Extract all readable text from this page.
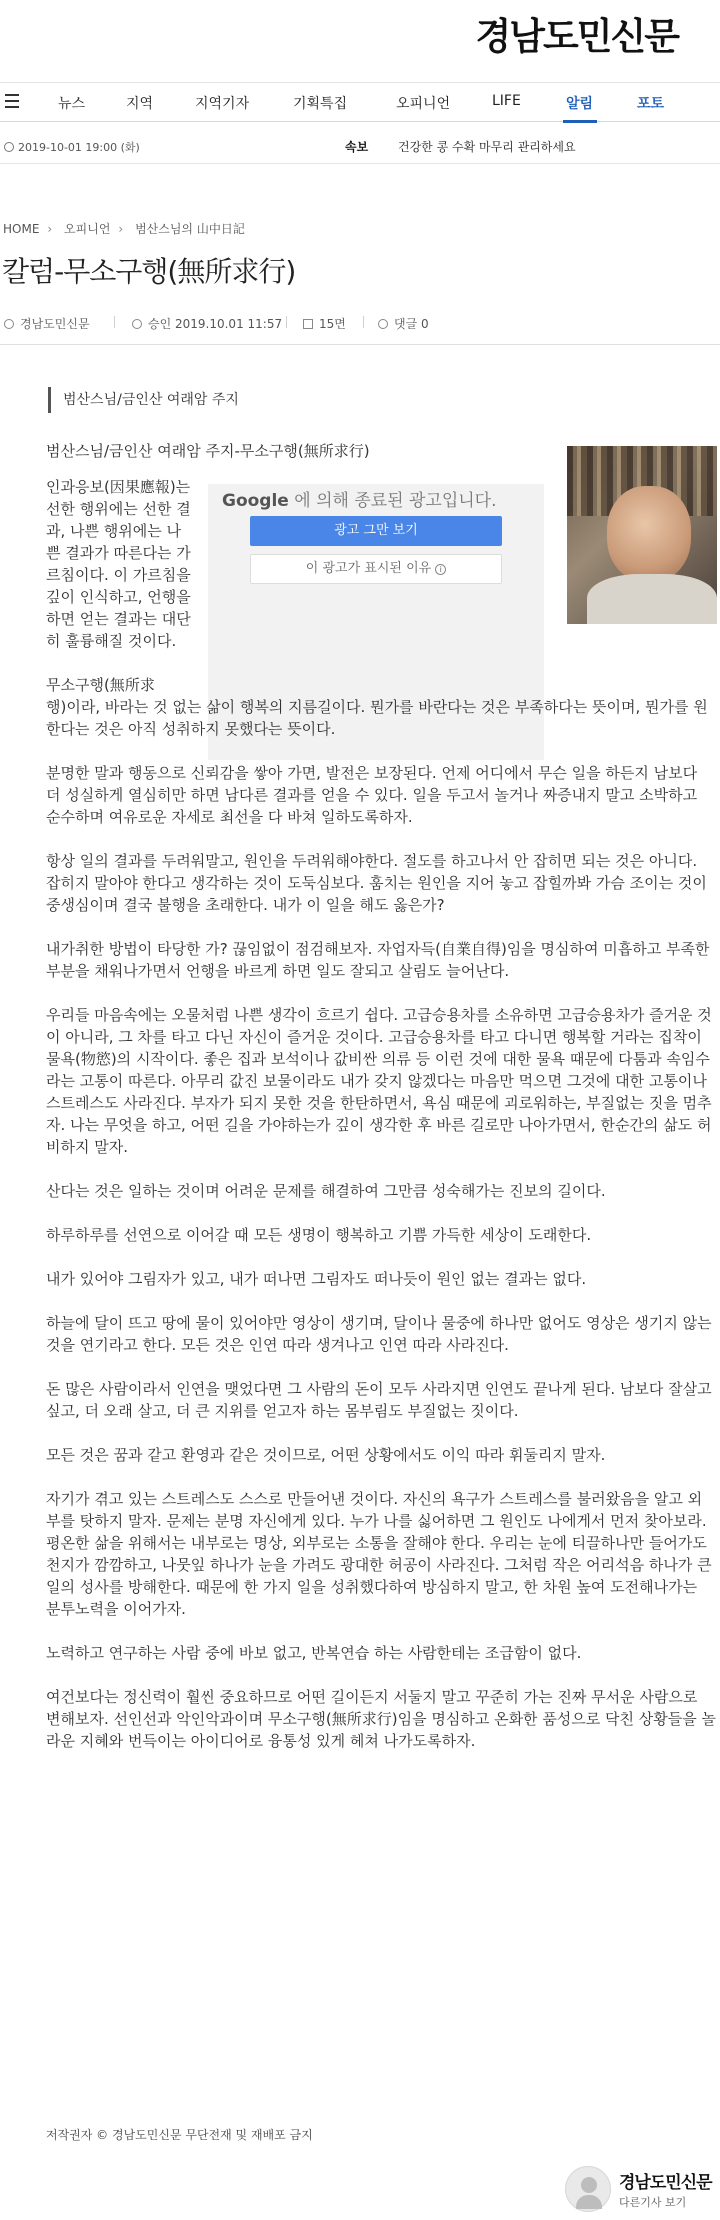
경남도민신문
뉴스	지역	지역기자	기획특집	오피니언	LIFE	알림	포토
2019-10-01 19:00 (화)	속보 건강한 콩 수확 마무리 관리하세요
HOME › 오피니언 › 범산스님의 山中日記
칼럼-무소구행(無所求行)
경남도민신문	승인 2019.10.01 11:57	15면	댓글 0
범산스님/금인산 여래암 주지
Google 에 의해 종료된 광고입니다.
광고 그만 보기
이 광고가 표시된 이유 i

범산스님/금인산 여래암 주지-무소구행(無所求行)

인과응보(因果應報)는 선한 행위에는 선한 결과, 나쁜 행위에는 나쁜 결과가 따른다는 가르침이다. 이 가르침을 깊이 인식하고, 언행을 하면 얻는 결과는 대단히 훌륭해질 것이다.

무소구행(無所求

행)이라, 바라는 것 없는 삶이 행복의 지름길이다. 뭔가를 바란다는 것은 부족하다는 뜻이며, 뭔가를 원한다는 것은 아직 성취하지 못했다는 뜻이다.

분명한 말과 행동으로 신뢰감을 쌓아 가면, 발전은 보장된다. 언제 어디에서 무슨 일을 하든지 남보다 더 성실하게 열심히만 하면 남다른 결과를 얻을 수 있다. 일을 두고서 놀거나 짜증내지 말고 소박하고 순수하며 여유로운 자세로 최선을 다 바쳐 일하도록하자.

항상 일의 결과를 두려워말고, 원인을 두려워해야한다. 절도를 하고나서 안 잡히면 되는 것은 아니다. 잡히지 말아야 한다고 생각하는 것이 도둑심보다. 훔치는 원인을 지어 놓고 잡힐까봐 가슴 조이는 것이 중생심이며 결국 불행을 초래한다. 내가 이 일을 해도 옳은가?

내가취한 방법이 타당한 가? 끊임없이 점검해보자. 자업자득(自業自得)임을 명심하여 미흡하고 부족한 부분을 채워나가면서 언행을 바르게 하면 일도 잘되고 살림도 늘어난다.

우리들 마음속에는 오물처럼 나쁜 생각이 흐르기 쉽다. 고급승용차를 소유하면 고급승용차가 즐거운 것이 아니라, 그 차를 타고 다닌 자신이 즐거운 것이다. 고급승용차를 타고 다니면 행복할 거라는 집착이 물욕(物慾)의 시작이다. 좋은 집과 보석이나 값비싼 의류 등 이런 것에 대한 물욕 때문에 다툼과 속임수라는 고통이 따른다. 아무리 값진 보물이라도 내가 갖지 않겠다는 마음만 먹으면 그것에 대한 고통이나 스트레스도 사라진다. 부자가 되지 못한 것을 한탄하면서, 욕심 때문에 괴로워하는, 부질없는 짓을 멈추자. 나는 무엇을 하고, 어떤 길을 가야하는가 깊이 생각한 후 바른 길로만 나아가면서, 한순간의 삶도 허비하지 말자.

산다는 것은 일하는 것이며 어려운 문제를 해결하여 그만큼 성숙해가는 진보의 길이다.

하루하루를 선연으로 이어갈 때 모든 생명이 행복하고 기쁨 가득한 세상이 도래한다.

내가 있어야 그림자가 있고, 내가 떠나면 그림자도 떠나듯이 원인 없는 결과는 없다.

하늘에 달이 뜨고 땅에 물이 있어야만 영상이 생기며, 달이나 물중에 하나만 없어도 영상은 생기지 않는 것을 연기라고 한다. 모든 것은 인연 따라 생겨나고 인연 따라 사라진다.

돈 많은 사람이라서 인연을 맺었다면 그 사람의 돈이 모두 사라지면 인연도 끝나게 된다. 남보다 잘살고 싶고, 더 오래 살고, 더 큰 지위를 얻고자 하는 몸부림도 부질없는 짓이다.

모든 것은 꿈과 같고 환영과 같은 것이므로, 어떤 상황에서도 이익 따라 휘둘리지 말자.

자기가 겪고 있는 스트레스도 스스로 만들어낸 것이다. 자신의 욕구가 스트레스를 불러왔음을 알고 외부를 탓하지 말자. 문제는 분명 자신에게 있다. 누가 나를 싫어하면 그 원인도 나에게서 먼저 찾아보라. 평온한 삶을 위해서는 내부로는 명상, 외부로는 소통을 잘해야 한다. 우리는 눈에 티끌하나만 들어가도 천지가 깜깜하고, 나뭇잎 하나가 눈을 가려도 광대한 허공이 사라진다. 그처럼 작은 어리석음 하나가 큰일의 성사를 방해한다. 때문에 한 가지 일을 성취했다하여 방심하지 말고, 한 차원 높여 도전해나가는 분투노력을 이어가자.

노력하고 연구하는 사람 중에 바보 없고, 반복연습 하는 사람한테는 조급함이 없다.

여건보다는 정신력이 훨씬 중요하므로 어떤 길이든지 서둘지 말고 꾸준히 가는 진짜 무서운 사람으로 변해보자. 선인선과 악인악과이며 무소구행(無所求行)임을 명심하고 온화한 품성으로 닥친 상황들을 놀라운 지혜와 번득이는 아이디어로 융통성 있게 헤쳐 나가도록하자.

저작권자 © 경남도민신문 무단전재 및 재배포 금지
경남도민신문
다른기사 보기
